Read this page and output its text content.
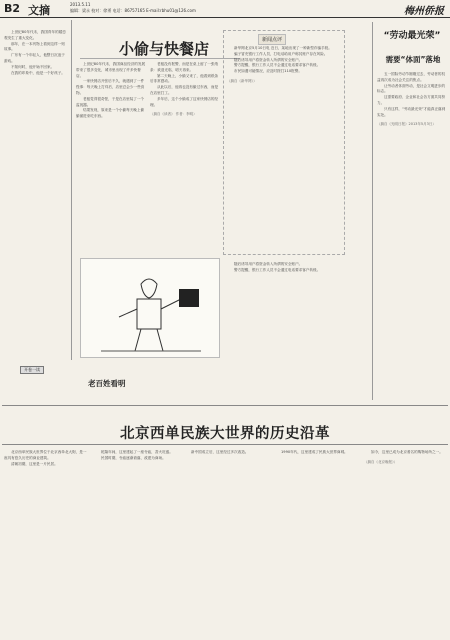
B2 文摘	2013.5.11
编辑：梁永 校对：徐勇 电话：86757165 E-mail:rbhu01@126.com	梅州侨报

上世纪80年代末，我国青年的婚恋观发生了重大变化。

那年，在一本刊物上看到这样一则故事。

广东有一个年轻人，他整日沉迷于游戏。

不知何时，他开始不回家。

在我的印象中，他是一个好孩子。

开卷一读
小偷与快餐店

上世纪80年代末，我国商品经济的发展带来了很多变化，城市里出现了许多快餐店。

一家快餐店开张后不久，就遇到了一件怪事：每天晚上打烊后，店里总会少一些食物。

老板觉得很奇怪，于是在店里装了一个监视器。

结果发现，原来是一个小偷每天晚上偷偷溜进来吃东西。

老板没有报警，而是在桌上留了一张纸条：欢迎光临，明天再来。

第二天晚上，小偷又来了，他看到纸条后非常感动。

从此以后，他再也没有偷过东西，而是在店里打工。

多年后，这个小偷成了这家快餐店的经理。

（摘自《读者》 作者：李明）
老百姓看明
新闻点评

新华网北京5月10日电 近日，某地出现了一种新型诈骗手段。

骗子冒充银行工作人员，打电话给用户称其账户存在风险。

随后诱导用户将资金转入所谓的安全账户。

警方提醒，银行工作人员不会通过电话要求客户转账。

市民如遇可疑情况，应及时拨打110报警。

（摘自《新华网》）

随后诱导用户将资金转入所谓的安全账户。

警方提醒，银行工作人员不会通过电话要求客户转账。

“劳动最光荣”
需要“体面”落地

五一国际劳动节刚刚过去，劳动者的权益再次成为社会关注的焦点。

让劳动者体面劳动，是社会文明进步的标志。

这需要政府、企业和社会各方面共同努力。

只有这样，“劳动最光荣”才能真正落到实处。

（摘自《光明日报》2013年5月3日）
北京西单民族大世界的历史沿革

北京西单民族大世界位于北京西单北大街，是一座具有悠久历史的商业建筑。

清朝初期，这里是一片民居。

乾隆年间，这里建起了一座寺庙，香火旺盛。

民国时期，寺庙逐渐衰落，改建为商场。

新中国成立后，这里经过多次改造。	1990年代，这里建成了民族大世界商城。	如今，这里已成为北京著名的购物场所之一。

（摘自《北京晚报》）
